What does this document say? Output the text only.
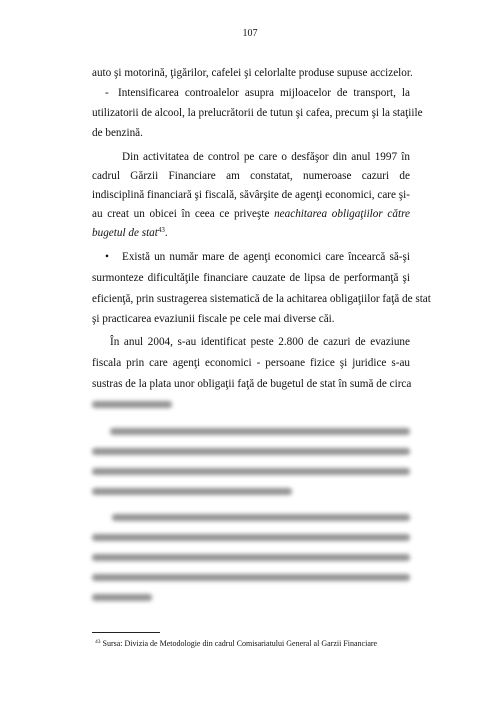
107
auto şi motorină, ţigărilor, cafelei şi celorlalte produse supuse accizelor.
- Intensificarea controalelor asupra mijloacelor de transport, la
utilizatorii de alcool, la prelucrătorii de tutun şi cafea, precum şi la staţiile
de benzină.
Din activitatea de control pe care o desfăşor din anul 1997 în
cadrul Gărzii Financiare am constatat, numeroase cazuri de
indisciplină financiară şi fiscală, săvârşite de agenţi economici, care şi-
au creat un obicei în ceea ce priveşte neachitarea obligaţiilor către
bugetul de stat$^{43}$.
• Există un număr mare de agenţi economici care încearcă să-şi
surmonteze dificultăţile financiare cauzate de lipsa de performanţă şi
eficienţă, prin sustragerea sistematică de la achitarea obligaţiilor faţă de stat
şi practicarea evaziunii fiscale pe cele mai diverse căi.
În anul 2004, s-au identificat peste 2.800 de cazuri de evaziune
fiscala prin care agenţi economici - persoane fizice şi juridice s-au
sustras de la plata unor obligaţii faţă de bugetul de stat în sumă de circa
$^{43}$ Sursa: Divizia de Metodologie din cadrul Comisariatului General al Garzii Financiare
